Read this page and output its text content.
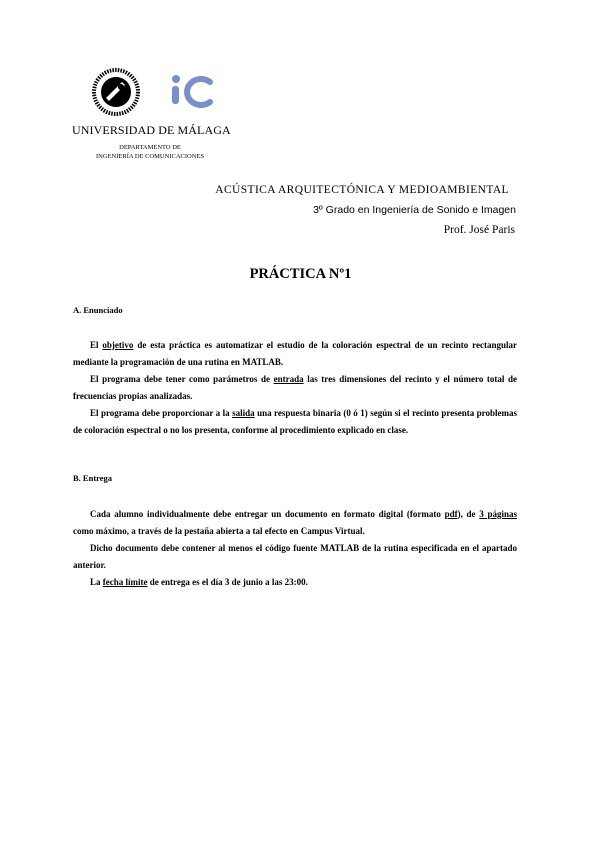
UNIVERSIDAD DE MÁLAGA
DEPARTAMENTO DE
INGENIERÍA DE COMUNICACIONES
ACÚSTICA ARQUITECTÓNICA Y MEDIOAMBIENTAL
3º Grado en Ingeniería de Sonido e Imagen
Prof. José Paris
PRÁCTICA Nº1
A. Enunciado
El objetivo de esta práctica es automatizar el estudio de la coloración espectral de un recinto rectangular mediante la programación de una rutina en MATLAB.
El programa debe tener como parámetros de entrada las tres dimensiones del recinto y el número total de frecuencias propias analizadas.
El programa debe proporcionar a la salida una respuesta binaria (0 ó 1) según si el recinto presenta problemas de coloración espectral o no los presenta, conforme al procedimiento explicado en clase.
B. Entrega
Cada alumno individualmente debe entregar un documento en formato digital (formato pdf), de 3 páginas como máximo, a través de la pestaña abierta a tal efecto en Campus Virtual.
Dicho documento debe contener al menos el código fuente MATLAB de la rutina especificada en el apartado anterior.
La fecha límite de entrega es el día 3 de junio a las 23:00.
